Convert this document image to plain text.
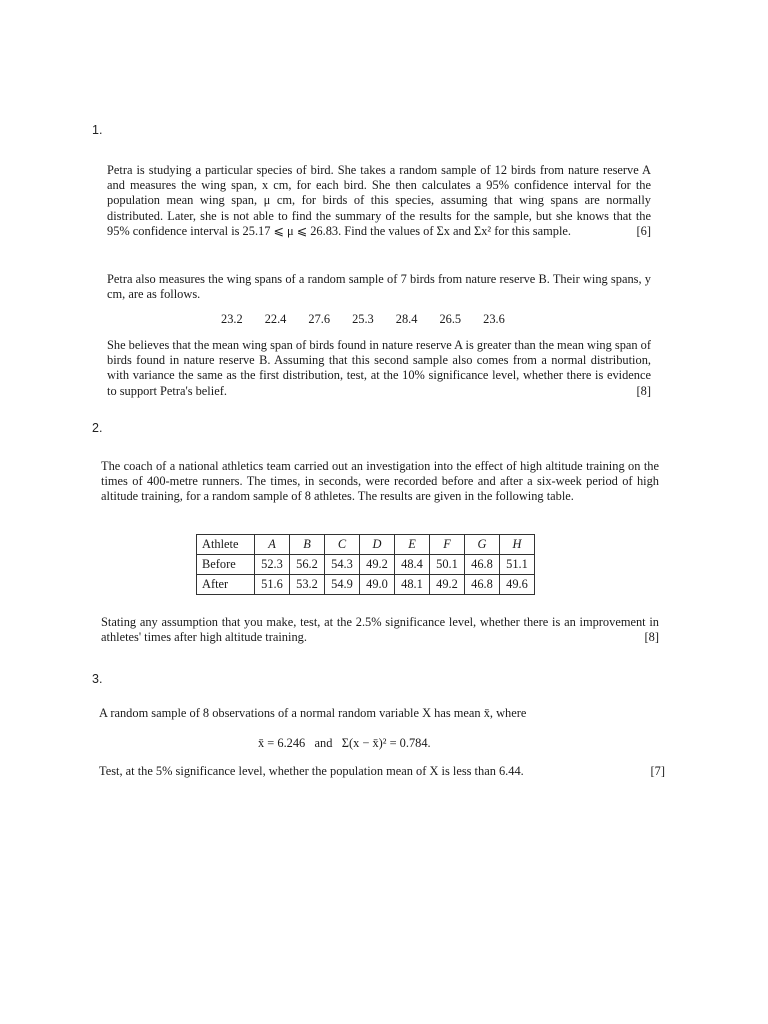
1.

Petra is studying a particular species of bird. She takes a random sample of 12 birds from nature reserve A and measures the wing span, x cm, for each bird. She then calculates a 95% confidence interval for the population mean wing span, μ cm, for birds of this species, assuming that wing spans are normally distributed. Later, she is not able to find the summary of the results for the sample, but she knows that the 95% confidence interval is 25.17 ⩽ μ ⩽ 26.83. Find the values of Σx and Σx² for this sample.	[6]

Petra also measures the wing spans of a random sample of 7 birds from nature reserve B. Their wing spans, y cm, are as follows.

23.2 22.4 27.6 25.3 28.4 26.5 23.6

She believes that the mean wing span of birds found in nature reserve A is greater than the mean wing span of birds found in nature reserve B. Assuming that this second sample also comes from a normal distribution, with variance the same as the first distribution, test, at the 10% significance level, whether there is evidence to support Petra's belief.	[8]

2.

The coach of a national athletics team carried out an investigation into the effect of high altitude training on the times of 400-metre runners. The times, in seconds, were recorded before and after a six-week period of high altitude training, for a random sample of 8 athletes. The results are given in the following table.

Athlete	A	B	C	D	E	F	G	H
Before	52.3	56.2	54.3	49.2	48.4	50.1	46.8	51.1
After	51.6	53.2	54.9	49.0	48.1	49.2	46.8	49.6

Stating any assumption that you make, test, at the 2.5% significance level, whether there is an improvement in athletes' times after high altitude training.	[8]

3.

A random sample of 8 observations of a normal random variable X has mean x̄, where

x̄ = 6.246   and   Σ(x − x̄)² = 0.784.
Test, at the 5% significance level, whether the population mean of X is less than 6.44.	[7]
